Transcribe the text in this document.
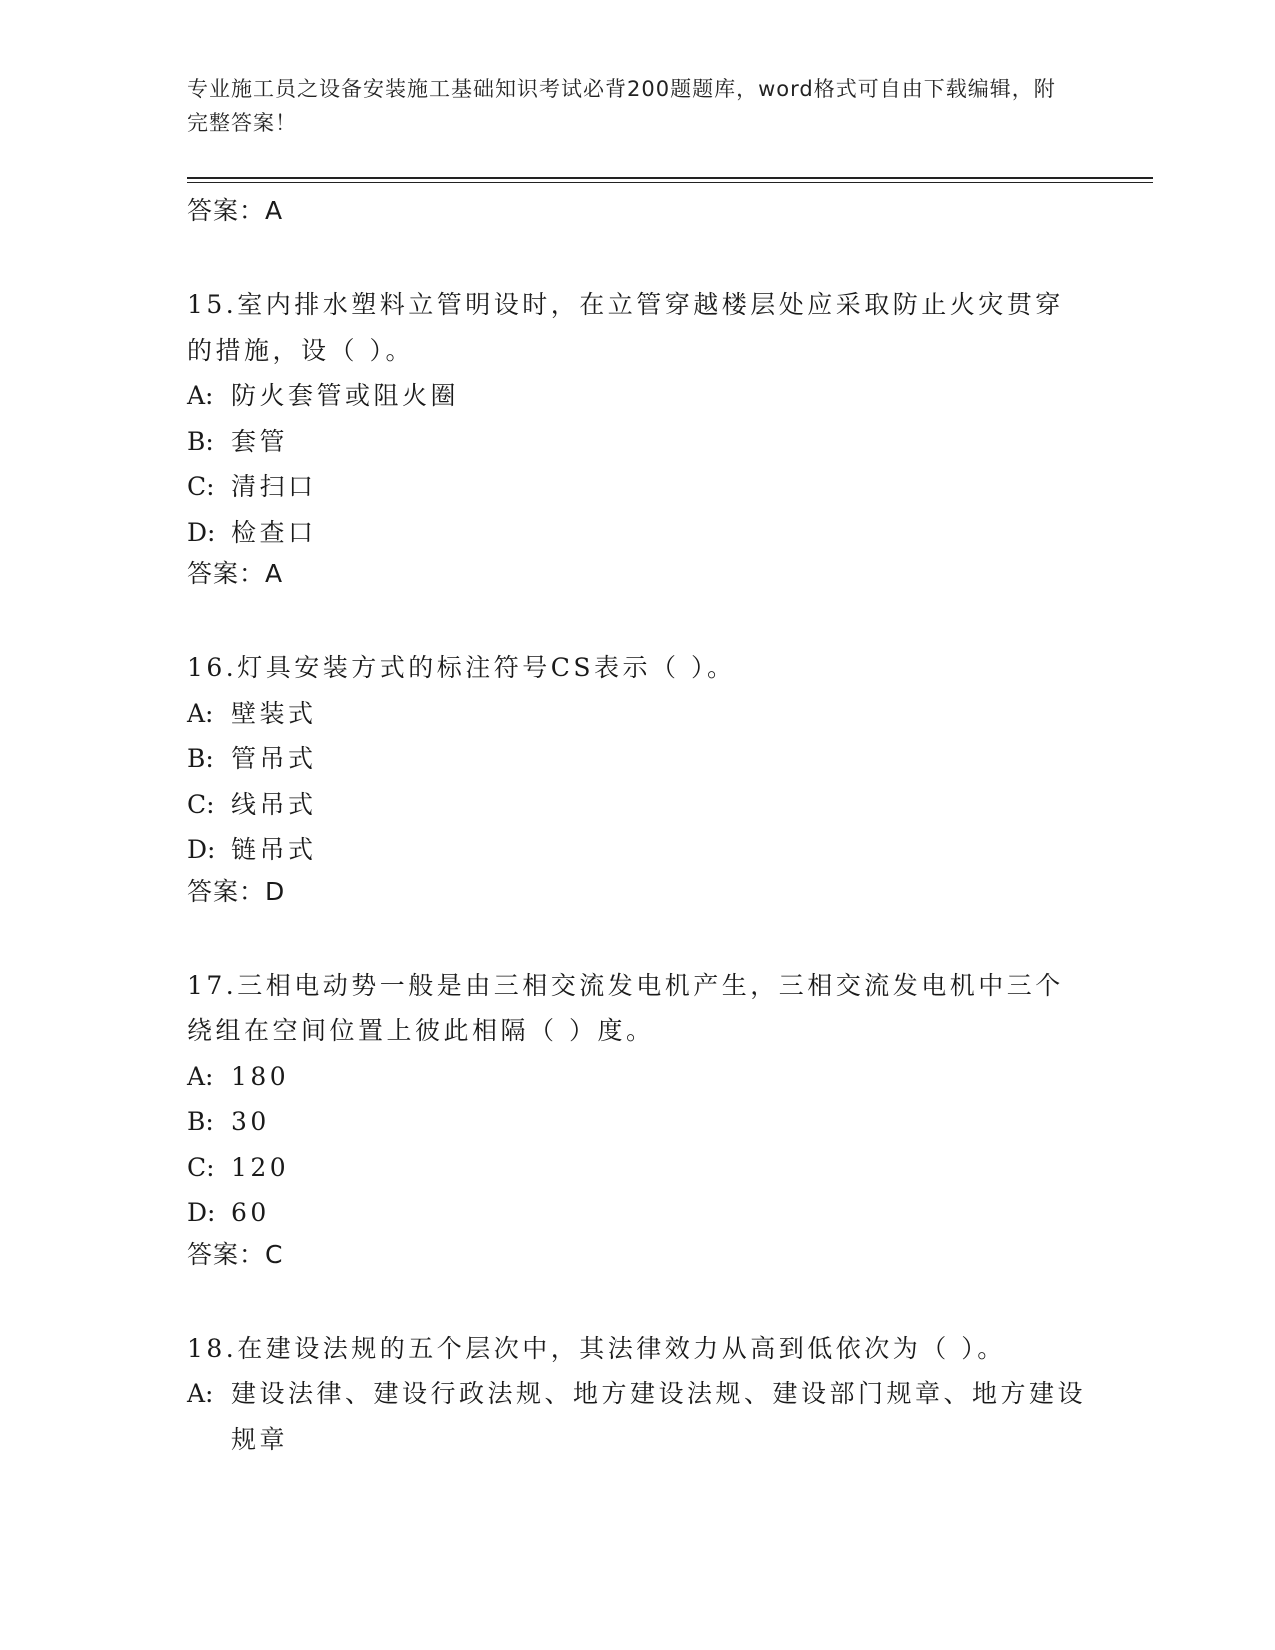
专业施工员之设备安装施工基础知识考试必背200题题库，word格式可自由下载编辑，附完整答案！

答案：A

15.室内排水塑料立管明设时，在立管穿越楼层处应采取防止火灾贯穿的措施，设（ ）。

A: 防火套管或阻火圈
B: 套管
C: 清扫口
D: 检查口

答案：A

16.灯具安装方式的标注符号CS表示（ ）。

A: 壁装式
B: 管吊式
C: 线吊式
D: 链吊式

答案：D

17.三相电动势一般是由三相交流发电机产生，三相交流发电机中三个绕组在空间位置上彼此相隔（ ）度。

A: 180
B: 30
C: 120
D: 60

答案：C

18.在建设法规的五个层次中，其法律效力从高到低依次为（ ）。

A: 建设法律、建设行政法规、地方建设法规、建设部门规章、地方建设规章
